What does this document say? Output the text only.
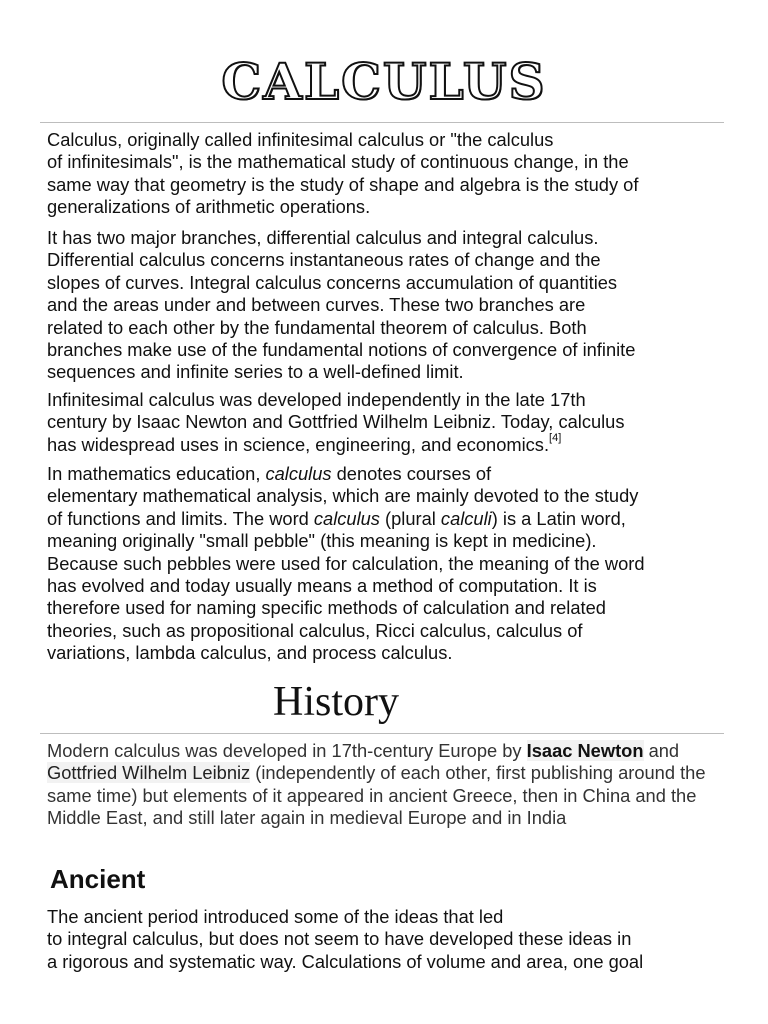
CALCULUS

Calculus, originally called infinitesimal calculus or "the calculus
of infinitesimals", is the mathematical study of continuous change, in the
same way that geometry is the study of shape and algebra is the study of
generalizations of arithmetic operations.

It has two major branches, differential calculus and integral calculus.
Differential calculus concerns instantaneous rates of change and the
slopes of curves. Integral calculus concerns accumulation of quantities
and the areas under and between curves. These two branches are
related to each other by the fundamental theorem of calculus. Both
branches make use of the fundamental notions of convergence of infinite
sequences and infinite series to a well-defined limit.

Infinitesimal calculus was developed independently in the late 17th
century by Isaac Newton and Gottfried Wilhelm Leibniz. Today, calculus
has widespread uses in science, engineering, and economics.[4]

In mathematics education, calculus denotes courses of
elementary mathematical analysis, which are mainly devoted to the study
of functions and limits. The word calculus (plural calculi) is a Latin word,
meaning originally "small pebble" (this meaning is kept in medicine).
Because such pebbles were used for calculation, the meaning of the word
has evolved and today usually means a method of computation. It is
therefore used for naming specific methods of calculation and related
theories, such as propositional calculus, Ricci calculus, calculus of
variations, lambda calculus, and process calculus.

History

Modern calculus was developed in 17th-century Europe by Isaac Newton and Gottfried Wilhelm Leibniz (independently of each other, first publishing around the same time) but elements of it appeared in ancient Greece, then in China and the Middle East, and still later again in medieval Europe and in India

Ancient

The ancient period introduced some of the ideas that led
to integral calculus, but does not seem to have developed these ideas in
a rigorous and systematic way. Calculations of volume and area, one goal
